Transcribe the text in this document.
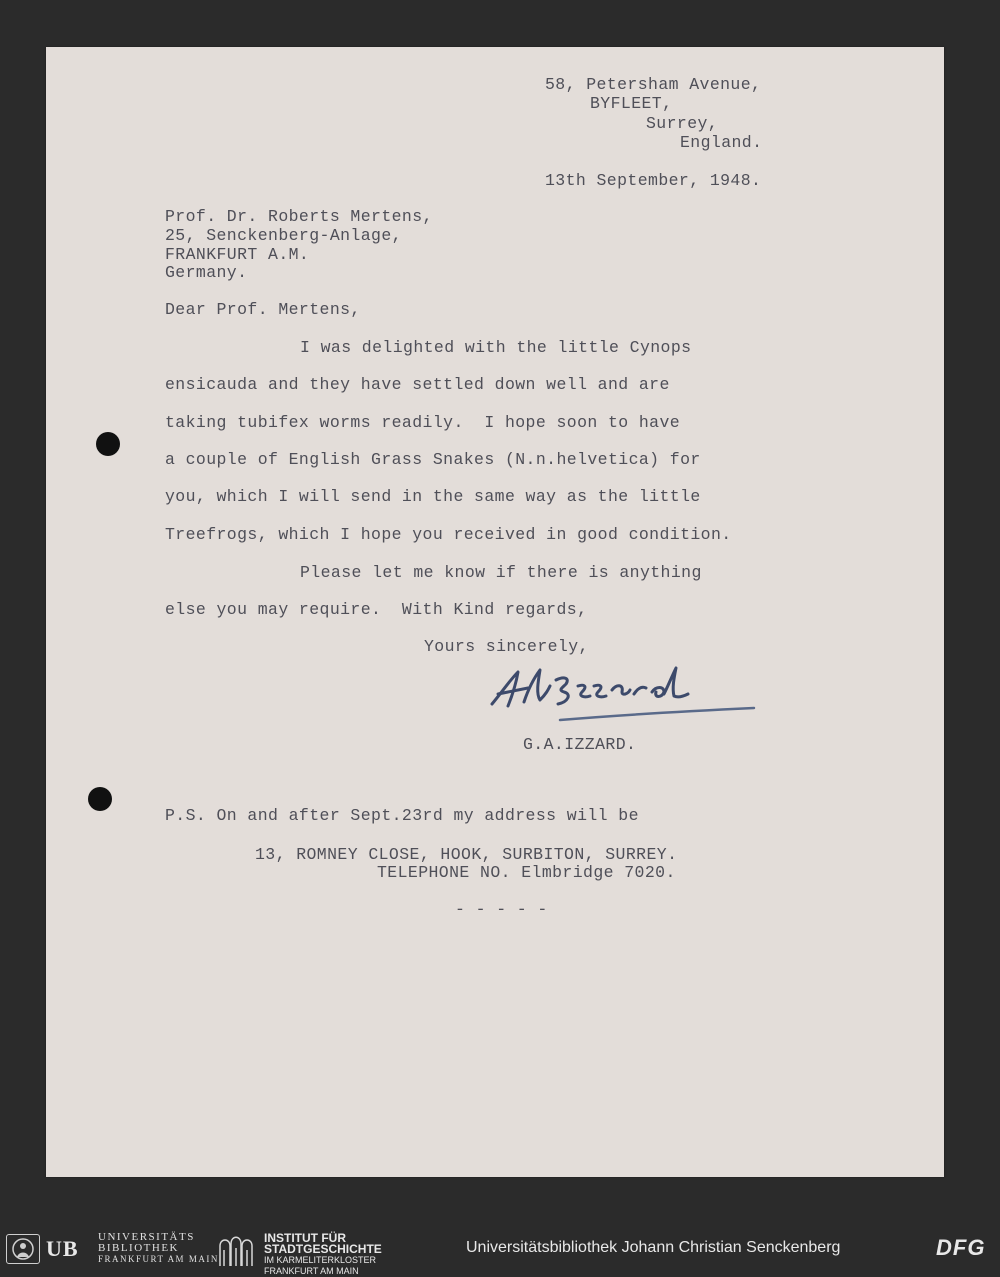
58, Petersham Avenue,
BYFLEET,
Surrey,
England.
13th September, 1948.
Prof. Dr. Roberts Mertens,
25, Senckenberg-Anlage,
FRANKFURT A.M.
Germany.
Dear Prof. Mertens,
I was delighted with the little Cynops
ensicauda and they have settled down well and are
taking tubifex worms readily.  I hope soon to have
a couple of English Grass Snakes (N.n.helvetica) for
you, which I will send in the same way as the little
Treefrogs, which I hope you received in good condition.
Please let me know if there is anything
else you may require.  With Kind regards,
Yours sincerely,
G.A.IZZARD.
P.S. On and after Sept.23rd my address will be
13, ROMNEY CLOSE, HOOK, SURBITON, SURREY.
TELEPHONE NO. Elmbridge 7020.
- - - - -
UB UNIVERSITÄTS
BIBLIOTHEK
FRANKFURT AM MAIN
INSTITUT FÜR
STADTGESCHICHTE
IM KARMELITERKLOSTER
FRANKFURT AM MAIN
Universitätsbibliothek Johann Christian Senckenberg	DFG
